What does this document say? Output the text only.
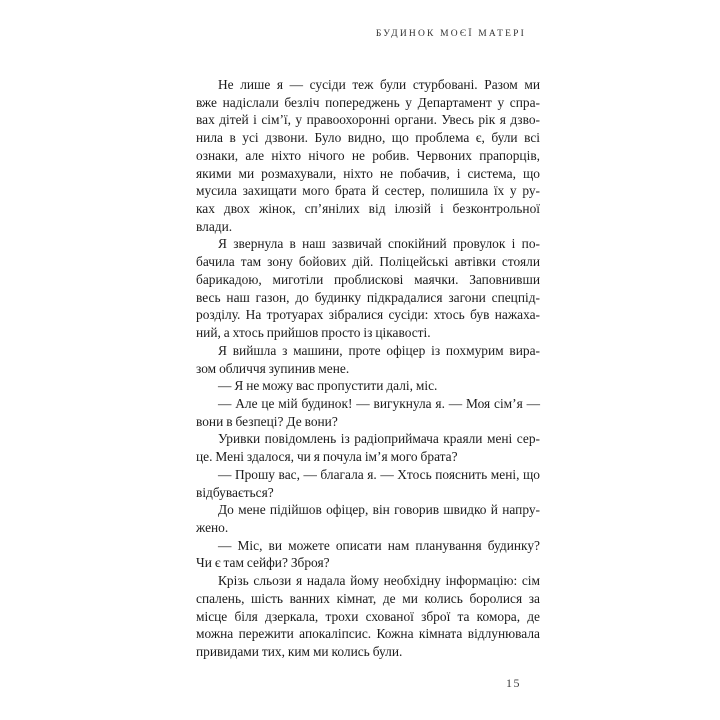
БУДИНОК МОЄЇ МАТЕРІ
Не лише я — сусіди теж були стурбовані. Разом ми
вже надіслали безліч попереджень у Департамент у спра-
вах дітей і сім’ї, у правоохоронні органи. Увесь рік я дзво-
нила в усі дзвони. Було видно, що проблема є, були всі
ознаки, але ніхто нічого не робив. Червоних прапорців,
якими ми розмахували, ніхто не побачив, і система, що
мусила захищати мого брата й сестер, полишила їх у ру-
ках двох жінок, сп’янілих від ілюзій і безконтрольної
влади.
Я звернула в наш зазвичай спокійний провулок і по-
бачила там зону бойових дій. Поліцейські автівки стояли
барикадою, миготіли проблискові маячки. Заповнивши
весь наш газон, до будинку підкрадалися загони спецпід-
розділу. На тротуарах зібралися сусіди: хтось був нажаха-
ний, а хтось прийшов просто із цікавості.
Я вийшла з машини, проте офіцер із похмурим вира-
зом обличчя зупинив мене.
— Я не можу вас пропустити далі, міс.
— Але це мій будинок! — вигукнула я. — Моя сім’я —
вони в безпеці? Де вони?
Уривки повідомлень із радіоприймача краяли мені сер-
це. Мені здалося, чи я почула ім’я мого брата?
— Прошу вас, — благала я. — Хтось пояснить мені, що
відбувається?
До мене підійшов офіцер, він говорив швидко й напру-
жено.
— Міс, ви можете описати нам планування будинку?
Чи є там сейфи? Зброя?
Крізь сльози я надала йому необхідну інформацію: сім
спалень, шість ванних кімнат, де ми колись боролися за
місце біля дзеркала, трохи схованої зброї та комора, де
можна пережити апокаліпсис. Кожна кімната відлунювала
привидами тих, ким ми колись були.
15
